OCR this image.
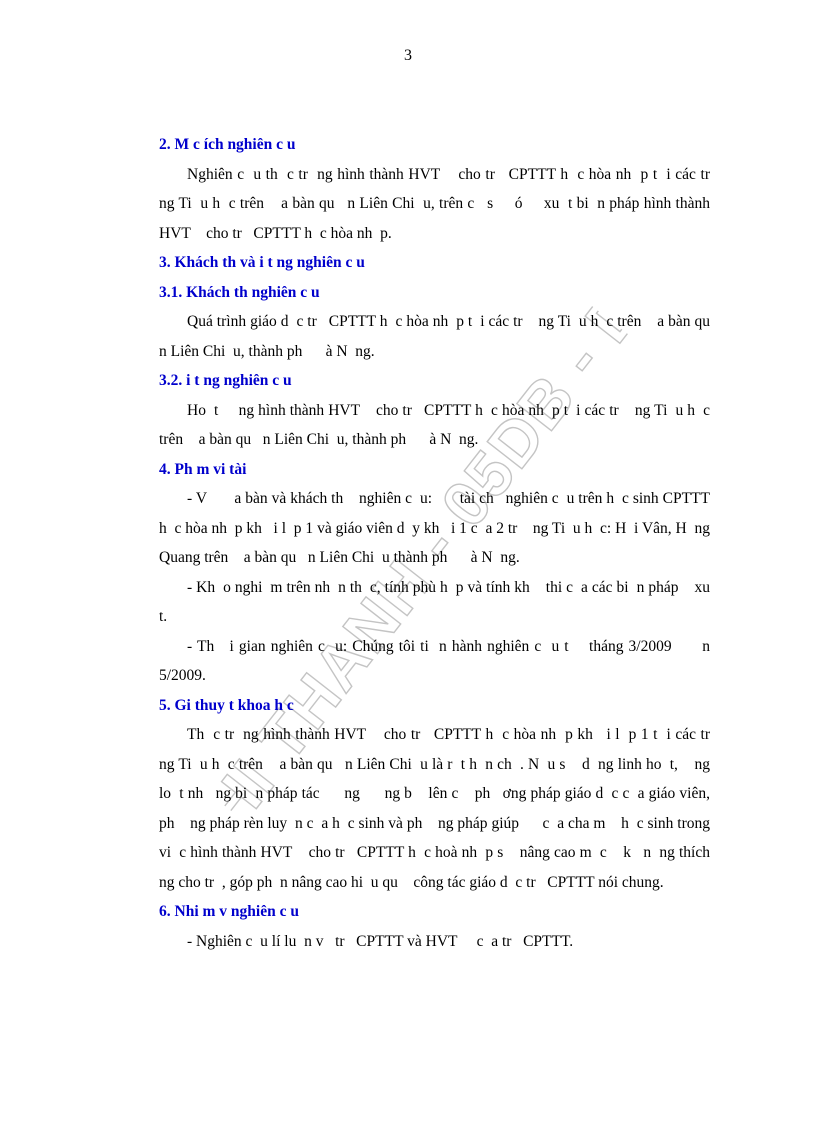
3
THI THANH - 05DB -

2. M c ích nghiên c u

Nghiên c  u th  c tr  ng hình thành HVT    cho tr   CPTTT h  c hòa nh  p t  i các tr    ng Ti  u h  c trên    a bàn qu   n Liên Chi  u, trên c   s     ó     xu  t bi  n pháp hình thành HVT    cho tr   CPTTT h  c hòa nh  p.

3. Khách th và i t ng nghiên c u

3.1. Khách th nghiên c u

Quá trình giáo d  c tr   CPTTT h  c hòa nh  p t  i các tr    ng Ti  u h  c trên    a bàn qu   n Liên Chi  u, thành ph      à N  ng.

3.2. i t ng nghiên c u

Ho  t     ng hình thành HVT    cho tr   CPTTT h  c hòa nh  p t  i các tr    ng Ti  u h  c trên    a bàn qu   n Liên Chi  u, thành ph      à N  ng.

4. Ph m vi tài

- V       a bàn và khách th    nghiên c  u:       tài ch   nghiên c  u trên h  c sinh CPTTT h  c hòa nh  p kh   i l  p 1 và giáo viên d  y kh   i 1 c  a 2 tr    ng Ti  u h  c: H  i Vân, H  ng Quang trên    a bàn qu   n Liên Chi  u thành ph      à N  ng.

- Kh  o nghi  m trên nh  n th  c, tính phù h  p và tính kh    thi c  a các bi  n pháp    xu  t.

- Th   i gian nghiên c  u: Chúng tôi ti  n hành nghiên c  u t    tháng 3/2009      n 5/2009.

5. Gi thuy t khoa h c

Th  c tr  ng hình thành HVT    cho tr   CPTTT h  c hòa nh  p kh   i l  p 1 t  i các tr    ng Ti  u h  c trên    a bàn qu   n Liên Chi  u là r  t h  n ch  . N  u s    d  ng linh ho  t,    ng lo  t nh   ng bi  n pháp tác      ng      ng b    lên c    ph   ơng pháp giáo d  c c  a giáo viên, ph    ng pháp rèn luy  n c  a h  c sinh và ph    ng pháp giúp      c  a cha m    h  c sinh trong vi  c hình thành HVT    cho tr   CPTTT h  c hoà nh  p s    nâng cao m  c    k   n  ng thích    ng cho tr  , góp ph  n nâng cao hi  u qu    công tác giáo d  c tr   CPTTT nói chung.

6. Nhi m v nghiên c u

- Nghiên c  u lí lu  n v   tr   CPTTT và HVT     c  a tr   CPTTT.
